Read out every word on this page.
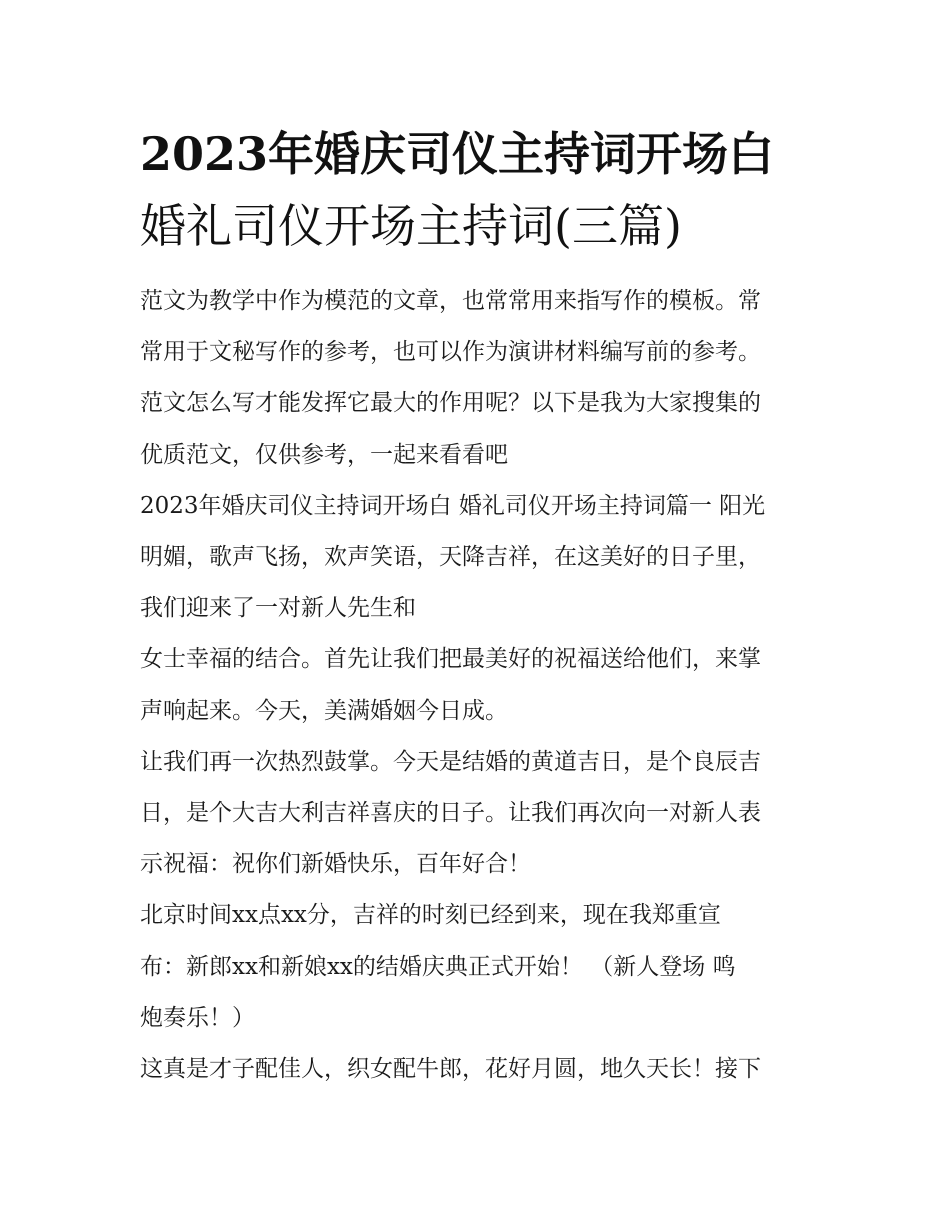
2023年婚庆司仪主持词开场白
婚礼司仪开场主持词(三篇)
范文为教学中作为模范的文章，也常常用来指写作的模板。常
常用于文秘写作的参考，也可以作为演讲材料编写前的参考。
范文怎么写才能发挥它最大的作用呢？以下是我为大家搜集的
优质范文，仅供参考，一起来看看吧
2023年婚庆司仪主持词开场白 婚礼司仪开场主持词篇一 阳光
明媚，歌声飞扬，欢声笑语，天降吉祥，在这美好的日子里，
我们迎来了一对新人先生和
女士幸福的结合。首先让我们把最美好的祝福送给他们，来掌
声响起来。今天，美满婚姻今日成。
让我们再一次热烈鼓掌。今天是结婚的黄道吉日，是个良辰吉
日，是个大吉大利吉祥喜庆的日子。让我们再次向一对新人表
示祝福：祝你们新婚快乐，百年好合！
北京时间xx点xx分，吉祥的时刻已经到来，现在我郑重宣
布：新郎xx和新娘xx的结婚庆典正式开始！ （新人登场 鸣
炮奏乐！）
这真是才子配佳人，织女配牛郎，花好月圆，地久天长！接下
